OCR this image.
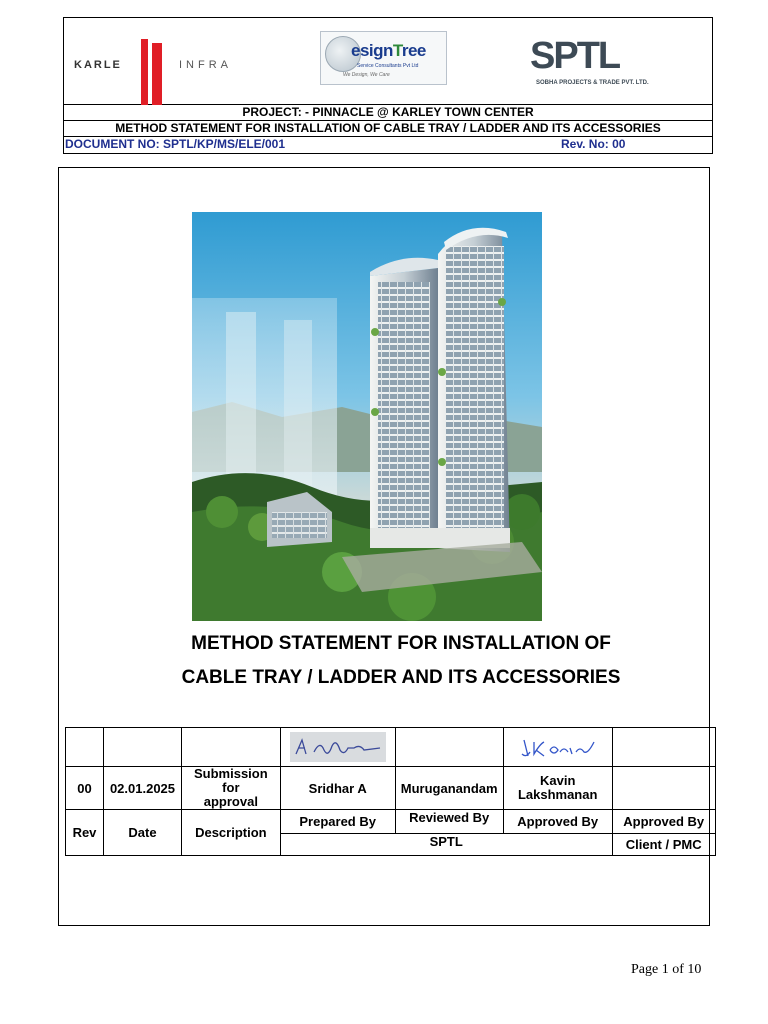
KARLE	INFRA
esignTree
Service Consultants Pvt Ltd
We Design, We Care	SPTL
SOBHA PROJECTS & TRADE PVT. LTD.
PROJECT: - PINNACLE @ KARLEY TOWN CENTER
METHOD STATEMENT FOR INSTALLATION OF CABLE TRAY / LADDER AND ITS ACCESSORIES
DOCUMENT NO: SPTL/KP/MS/ELE/001	Rev. No: 00
METHOD STATEMENT FOR INSTALLATION OF
CABLE TRAY / LADDER AND ITS ACCESSORIES

00	02.01.2025	Submission for approval	Sridhar A	Muruganandam	Kavin Lakshmanan	
Rev	Date	Description	Prepared By	Reviewed By	Approved By	Approved By
			SPTL			Client / PMC
Page 1 of 10
